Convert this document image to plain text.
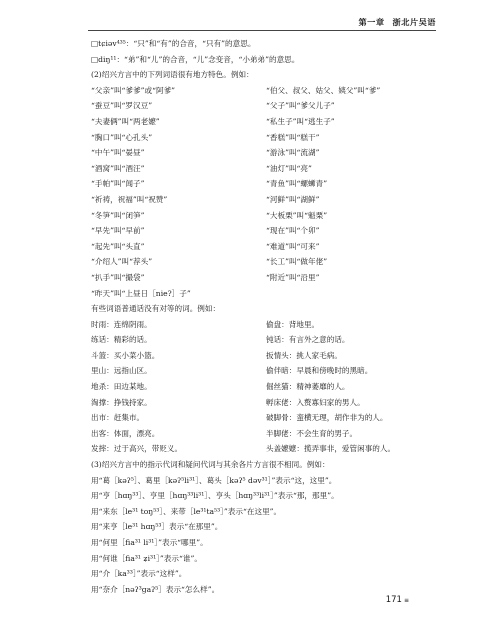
第一章 浙北片吴语
□tɕiəv⁴³⁵：“只”和“有”的合音，“只有”的意思。
□diŋ¹¹：“弟”和“儿”的合音，“儿”念变音，“小弟弟”的意思。
(2)绍兴方言中的下列词语很有地方特色。例如：
“父亲”叫“爹爹”或“阿爹”	“伯父、叔父、姑父、姨父”叫“爹”
“蚕豆”叫“罗汉豆”	“父子”叫“爹父儿子”
“夫妻俩”叫“两老嬷”	“私生子”叫“逃生子”
“胸口”叫“心孔头”	“香糕”叫“糕干”
“中午”叫“晏昼”	“游泳”叫“流湖”
“酒窝”叫“酒汪”	“油灯”叫“亮”
“手帕”叫“闻子”	“青鱼”叫“螺蛳青”
“祈祷，祝福”叫“祝赞”	“河鲜”叫“湖鲜”
“冬笋”叫“闭笋”	“大板栗”叫“魁栗”
“早先”叫“早前”	“现在”叫“个卯”
“起先”叫“头直”	“难道”叫“可来”
“介绍人”叫“荐头”	“长工”叫“做年佬”
“扒手”叫“撮袋”	“附近”叫“沿里”
“昨天”叫“上昼日［nie?］子”
有些词语普通话没有对等的词。例如：
时雨：连绵阴雨。	偷盘：背地里。
练话：精彩的话。	钝话：有言外之意的话。
斗篮：买小菜小篮。	扳情头：挑人家毛病。
里山：远指山区。	偷伴暗：早晨和傍晚时的黑暗。
地杀：田边某地。	倔丝猫：精神萎靡的人。
淘撑：挣钱持家。	孵床佬：入赘寡妇家的男人。
出市：赶集市。	破脚骨：蛮横无理，胡作非为的人。
出客：体面，漂亮。	半脚佬：不会生育的男子。
发摔：过于高兴，带贬义。	头盖嬷嬷：揽弄事非，爱管闲事的人。
(3)绍兴方言中的指示代词和疑问代词与其余各片方言很不相同。例如：
用“葛［kəʔ⁵］、葛里［kəʔ⁵li³¹］、葛头［kəʔ⁵ dəv³¹］”表示“这，这里”。
用“亨［hɑŋ³³］、亨里［hɑŋ³³li³¹］、亨头［hɑŋ³³li³¹］”表示“那，那里”。
用“来东［le³¹ toŋ⁵³］、来带［le³¹ta⁵³］”表示“在这里”。
用“来亨［le³¹ hɑŋ⁵³］表示“在那里”。
用“何里［fia³¹ li³¹］”表示“哪里”。
用“何谁［fia³¹ ʑi³¹］”表示“谁”。
用“介［ka³³］”表示“这样”。
用“奈介［nəʔ³gaʔ⁵］表示“怎么样”。
171 ≡
